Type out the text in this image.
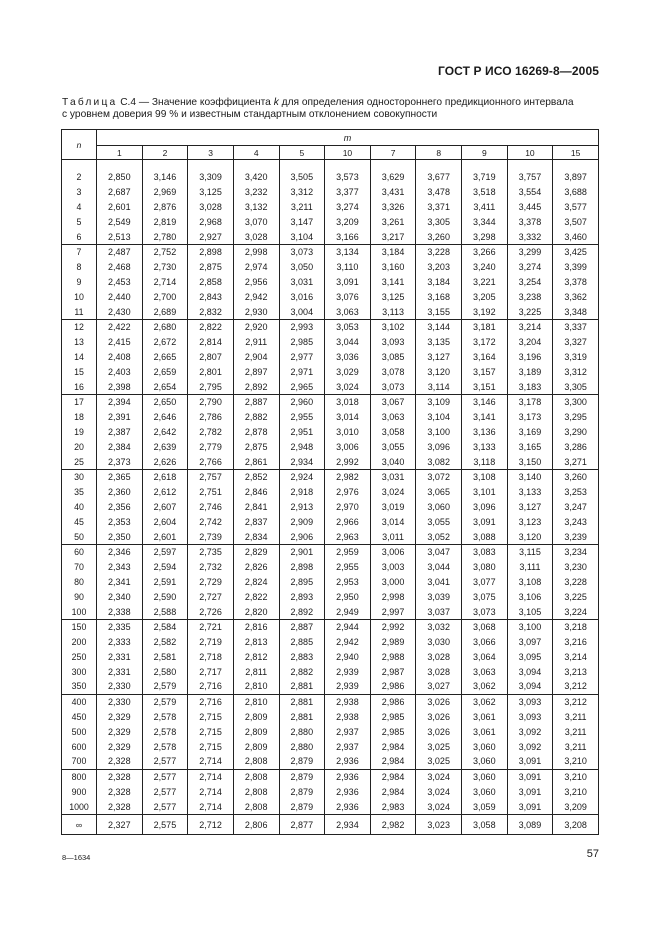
ГОСТ Р ИСО 16269-8—2005
Таблица С.4 — Значение коэффициента k для определения одностороннего предикционного интервала
с уровнем доверия 99 % и известным стандартным отклонением совокупности
n	m										
	1	2	3	4	5	10	7	8	9	10	15

2	2,850	3,146	3,309	3,420	3,505	3,573	3,629	3,677	3,719	3,757	3,897
3	2,687	2,969	3,125	3,232	3,312	3,377	3,431	3,478	3,518	3,554	3,688
4	2,601	2,876	3,028	3,132	3,211	3,274	3,326	3,371	3,411	3,445	3,577
5	2,549	2,819	2,968	3,070	3,147	3,209	3,261	3,305	3,344	3,378	3,507
6	2,513	2,780	2,927	3,028	3,104	3,166	3,217	3,260	3,298	3,332	3,460
7	2,487	2,752	2,898	2,998	3,073	3,134	3,184	3,228	3,266	3,299	3,425
8	2,468	2,730	2,875	2,974	3,050	3,110	3,160	3,203	3,240	3,274	3,399
9	2,453	2,714	2,858	2,956	3,031	3,091	3,141	3,184	3,221	3,254	3,378
10	2,440	2,700	2,843	2,942	3,016	3,076	3,125	3,168	3,205	3,238	3,362
11	2,430	2,689	2,832	2,930	3,004	3,063	3,113	3,155	3,192	3,225	3,348
12	2,422	2,680	2,822	2,920	2,993	3,053	3,102	3,144	3,181	3,214	3,337
13	2,415	2,672	2,814	2,911	2,985	3,044	3,093	3,135	3,172	3,204	3,327
14	2,408	2,665	2,807	2,904	2,977	3,036	3,085	3,127	3,164	3,196	3,319
15	2,403	2,659	2,801	2,897	2,971	3,029	3,078	3,120	3,157	3,189	3,312
16	2,398	2,654	2,795	2,892	2,965	3,024	3,073	3,114	3,151	3,183	3,305
17	2,394	2,650	2,790	2,887	2,960	3,018	3,067	3,109	3,146	3,178	3,300
18	2,391	2,646	2,786	2,882	2,955	3,014	3,063	3,104	3,141	3,173	3,295
19	2,387	2,642	2,782	2,878	2,951	3,010	3,058	3,100	3,136	3,169	3,290
20	2,384	2,639	2,779	2,875	2,948	3,006	3,055	3,096	3,133	3,165	3,286
25	2,373	2,626	2,766	2,861	2,934	2,992	3,040	3,082	3,118	3,150	3,271
30	2,365	2,618	2,757	2,852	2,924	2,982	3,031	3,072	3,108	3,140	3,260
35	2,360	2,612	2,751	2,846	2,918	2,976	3,024	3,065	3,101	3,133	3,253
40	2,356	2,607	2,746	2,841	2,913	2,970	3,019	3,060	3,096	3,127	3,247
45	2,353	2,604	2,742	2,837	2,909	2,966	3,014	3,055	3,091	3,123	3,243
50	2,350	2,601	2,739	2,834	2,906	2,963	3,011	3,052	3,088	3,120	3,239
60	2,346	2,597	2,735	2,829	2,901	2,959	3,006	3,047	3,083	3,115	3,234
70	2,343	2,594	2,732	2,826	2,898	2,955	3,003	3,044	3,080	3,111	3,230
80	2,341	2,591	2,729	2,824	2,895	2,953	3,000	3,041	3,077	3,108	3,228
90	2,340	2,590	2,727	2,822	2,893	2,950	2,998	3,039	3,075	3,106	3,225
100	2,338	2,588	2,726	2,820	2,892	2,949	2,997	3,037	3,073	3,105	3,224
150	2,335	2,584	2,721	2,816	2,887	2,944	2,992	3,032	3,068	3,100	3,218
200	2,333	2,582	2,719	2,813	2,885	2,942	2,989	3,030	3,066	3,097	3,216
250	2,331	2,581	2,718	2,812	2,883	2,940	2,988	3,028	3,064	3,095	3,214
300	2,331	2,580	2,717	2,811	2,882	2,939	2,987	3,028	3,063	3,094	3,213
350	2,330	2,579	2,716	2,810	2,881	2,939	2,986	3,027	3,062	3,094	3,212
400	2,330	2,579	2,716	2,810	2,881	2,938	2,986	3,026	3,062	3,093	3,212
450	2,329	2,578	2,715	2,809	2,881	2,938	2,985	3,026	3,061	3,093	3,211
500	2,329	2,578	2,715	2,809	2,880	2,937	2,985	3,026	3,061	3,092	3,211
600	2,329	2,578	2,715	2,809	2,880	2,937	2,984	3,025	3,060	3,092	3,211
700	2,328	2,577	2,714	2,808	2,879	2,936	2,984	3,025	3,060	3,091	3,210
800	2,328	2,577	2,714	2,808	2,879	2,936	2,984	3,024	3,060	3,091	3,210
900	2,328	2,577	2,714	2,808	2,879	2,936	2,984	3,024	3,060	3,091	3,210
1000	2,328	2,577	2,714	2,808	2,879	2,936	2,983	3,024	3,059	3,091	3,209
∞	2,327	2,575	2,712	2,806	2,877	2,934	2,982	3,023	3,058	3,089	3,208
8—1634	57
